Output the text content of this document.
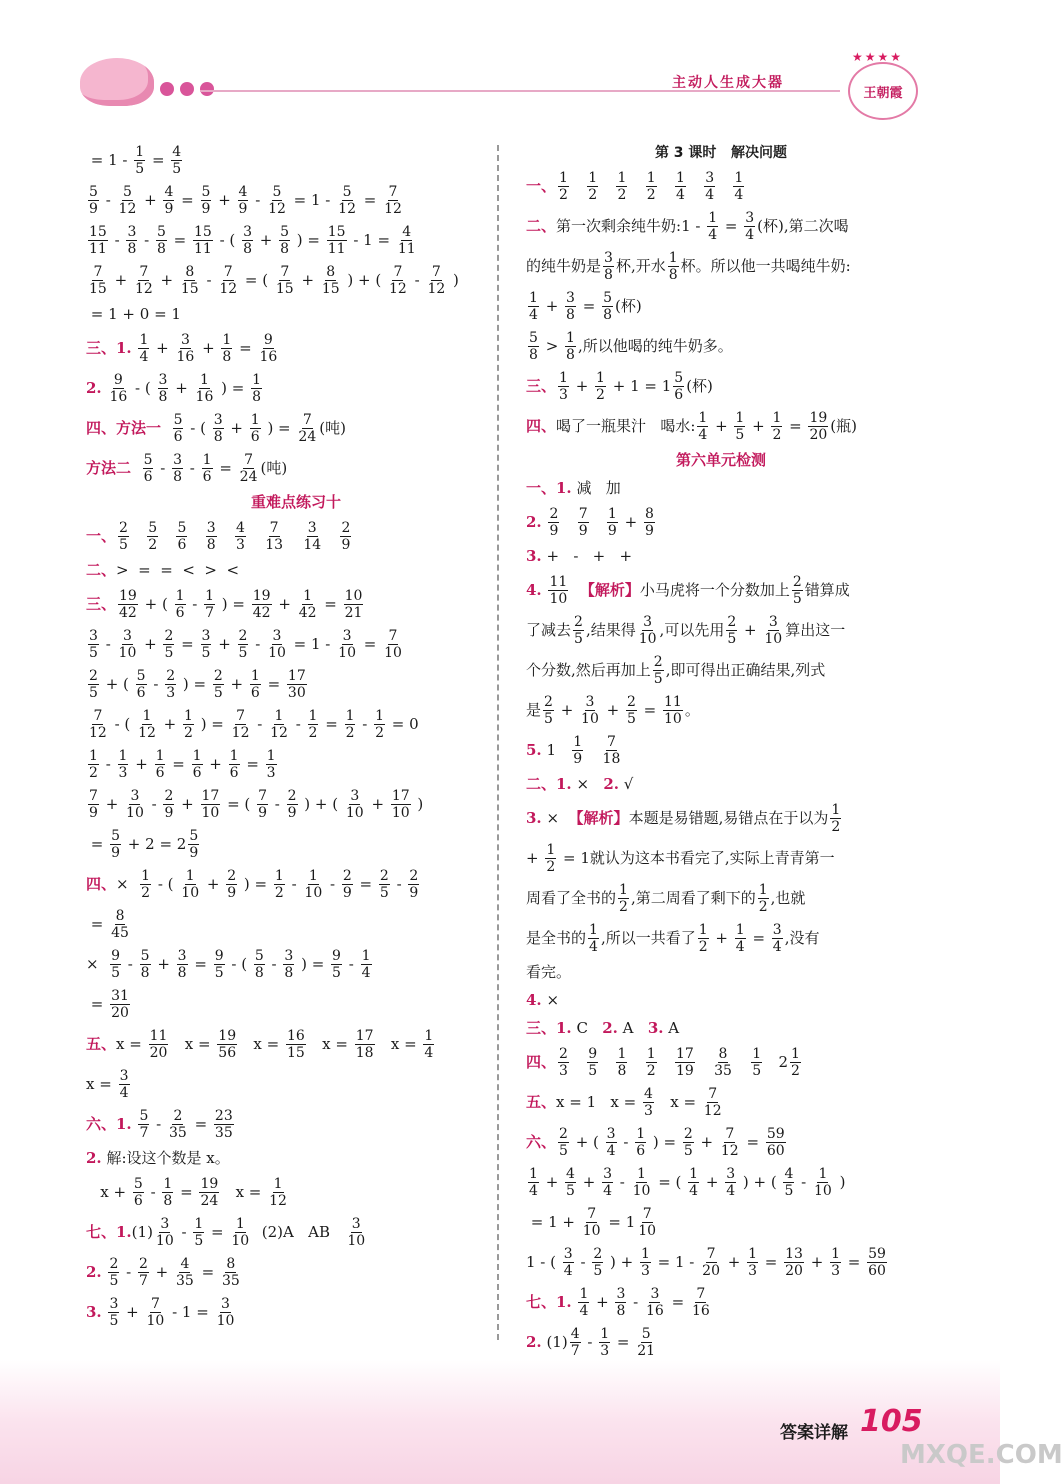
主动人生成大器
★★★★
王朝霞
= $1 - \frac{1}{5} = \frac{4}{5}$
$\frac{5}{9} - \frac{5}{12} + \frac{4}{9} = \frac{5}{9} + \frac{4}{9} - \frac{5}{12} = 1 - \frac{5}{12} = \frac{7}{12}$
$\frac{15}{11} - \frac{3}{8} - \frac{5}{8} = \frac{15}{11}$ - ( $\frac{3}{8} + \frac{5}{8}$ ) = $\frac{15}{11} - 1 = \frac{4}{11}$
$\frac{7}{15} + \frac{7}{12} + \frac{8}{15} - \frac{7}{12}$ = ( $\frac{7}{15} + \frac{8}{15}$ ) + ( $\frac{7}{12} - \frac{7}{12}$ )
= 1 + 0 = 1
三、1.
$\frac{1}{4} + \frac{3}{16} + \frac{1}{8} = \frac{9}{16}$
2.
$\frac{9}{16}$ - ( $\frac{3}{8} + \frac{1}{16}$ ) = $\frac{1}{8}$
四、方法一
$\frac{5}{6}$ - ( $\frac{3}{8} + \frac{1}{6}$ ) = $\frac{7}{24}$ (吨)
方法二
$\frac{5}{6} - \frac{3}{8} - \frac{1}{6} = \frac{7}{24}$ (吨)
重难点练习十
一、 $\frac{2}{5}$
$\frac{5}{2}$
$\frac{5}{6}$
$\frac{3}{8}$
$\frac{4}{3}$
$\frac{7}{13}$
$\frac{3}{14}$
$\frac{2}{9}$
二、 >  =  =  <  >  <
三、 $\frac{19}{42}$ + ( $\frac{1}{6} - \frac{1}{7}$ ) = $\frac{19}{42} + \frac{1}{42} = \frac{10}{21}$
$\frac{3}{5} - \frac{3}{10} + \frac{2}{5} = \frac{3}{5} + \frac{2}{5} - \frac{3}{10} = 1 - \frac{3}{10} = \frac{7}{10}$
$\frac{2}{5}$ + ( $\frac{5}{6} - \frac{2}{3}$ ) = $\frac{2}{5} + \frac{1}{6} = \frac{17}{30}$
$\frac{7}{12}$ - ( $\frac{1}{12} + \frac{1}{2}$ ) = $\frac{7}{12} - \frac{1}{12} - \frac{1}{2} = \frac{1}{2} - \frac{1}{2} = 0$
$\frac{1}{2} - \frac{1}{3} + \frac{1}{6} = \frac{1}{6} + \frac{1}{6} = \frac{1}{3}$
$\frac{7}{9} + \frac{3}{10} - \frac{2}{9} + \frac{17}{10}$ = ( $\frac{7}{9} - \frac{2}{9}$ ) + ( $\frac{3}{10} + \frac{17}{10}$ )
= $\frac{5}{9} + 2 = 2 \frac{5}{9}$
四、 × $\frac{1}{2}$ - ( $\frac{1}{10} + \frac{2}{9}$ ) = $\frac{1}{2} - \frac{1}{10} - \frac{2}{9} = \frac{2}{5} - \frac{2}{9}$
= $\frac{8}{45}$
× $\frac{9}{5} - \frac{5}{8} + \frac{3}{8} = \frac{9}{5}$ - ( $\frac{5}{8} - \frac{3}{8}$ ) = $\frac{9}{5} - \frac{1}{4}$
= $\frac{31}{20}$
五、 $x = \frac{11}{20}$ $x = \frac{19}{56}$ $x = \frac{16}{15}$ $x = \frac{17}{18}$ $x = \frac{1}{4}$
$x = \frac{3}{4}$
六、1.
$\frac{5}{7} - \frac{2}{35} = \frac{23}{35}$
2. 解:设这个数是 x。
$x + \frac{5}{6} - \frac{1}{8} = \frac{19}{24}$ $x = \frac{1}{12}$
七、1. $(1) \frac{3}{10} - \frac{1}{5} = \frac{1}{10} (2)A$   AB $\frac{3}{10}$
2.
$\frac{2}{5} - \frac{2}{7} + \frac{4}{35} = \frac{8}{35}$
3.
$\frac{3}{5} + \frac{7}{10} - 1 = \frac{3}{10}$
第 3 课时   解决问题
一、 $\frac{1}{2}$
$\frac{1}{2}$
$\frac{1}{2}$
$\frac{1}{2}$
$\frac{1}{4}$
$\frac{3}{4}$
$\frac{1}{4}$
二、 第一次剩余纯牛奶:1 - $\frac{1}{4} = \frac{3}{4}$ (杯),第二次喝
的纯牛奶是 $\frac{3}{8}$ 杯,开水 $\frac{1}{8}$ 杯。所以他一共喝纯牛奶:
$\frac{1}{4} + \frac{3}{8} = \frac{5}{8}$ (杯)
$\frac{5}{8} > \frac{1}{8}$ ,所以他喝的纯牛奶多。
三、 $\frac{1}{3} + \frac{1}{2} + 1 = 1 \frac{5}{6}$ (杯)
四、 喝了一瓶果汁   喝水: $\frac{1}{4} + \frac{1}{5} + \frac{1}{2} = \frac{19}{20}$ (瓶)
第六单元检测
一、1. 减   加
2.
$\frac{2}{9}$
$\frac{7}{9}$
$\frac{1}{9} + \frac{8}{9}$
3. +   -   +   +
4.
$\frac{11}{10}$
【解析】 小马虎将一个分数加上 $\frac{2}{5}$ 错算成
了减去 $\frac{2}{5}$ ,结果得 $\frac{3}{10}$ ,可以先用 $\frac{2}{5} + \frac{3}{10}$ 算出这一
个分数,然后再加上 $\frac{2}{5}$ ,即可得出正确结果,列式
是 $\frac{2}{5} + \frac{3}{10} + \frac{2}{5} = \frac{11}{10}$ 。
5. $1 \frac{1}{9}$
$\frac{7}{18}$
二、1. × 2. √
3. × 【解析】 本题是易错题,易错点在于以为 $\frac{1}{2}$
+ $\frac{1}{2} = 1$就认为这本书看完了,实际上青青第一
周看了全书的 $\frac{1}{2}$ ,第二周看了剩下的 $\frac{1}{2}$ ,也就
是全书的 $\frac{1}{4}$ ,所以一共看了 $\frac{1}{2} + \frac{1}{4} = \frac{3}{4}$ ,没有
看完。
4. ×
三、1. C 2. A 3. A
四、 $\frac{2}{3}$
$\frac{9}{5}$
$\frac{1}{8}$
$\frac{1}{2}$
$\frac{17}{19}$
$\frac{8}{35}$
$\frac{1}{5} 2 \frac{1}{2}$
五、 x = 1   $x = \frac{4}{3}$ $x = \frac{7}{12}$
六、 $\frac{2}{5}$ + ( $\frac{3}{4} - \frac{1}{6}$ ) = $\frac{2}{5} + \frac{7}{12} = \frac{59}{60}$
$\frac{1}{4} + \frac{4}{5} + \frac{3}{4} - \frac{1}{10}$ = ( $\frac{1}{4} + \frac{3}{4}$ ) + ( $\frac{4}{5} - \frac{1}{10}$ )
= $1 + \frac{7}{10} = 1 \frac{7}{10}$
1 - ( $\frac{3}{4} - \frac{2}{5}$ ) + $\frac{1}{3} = 1 - \frac{7}{20} + \frac{1}{3} = \frac{13}{20} + \frac{1}{3} = \frac{59}{60}$
七、1.
$\frac{1}{4} + \frac{3}{8} - \frac{3}{16} = \frac{7}{16}$
2. $(1) \frac{4}{7} - \frac{1}{3} = \frac{5}{21}$

答案详解 105
MXQE.COM
